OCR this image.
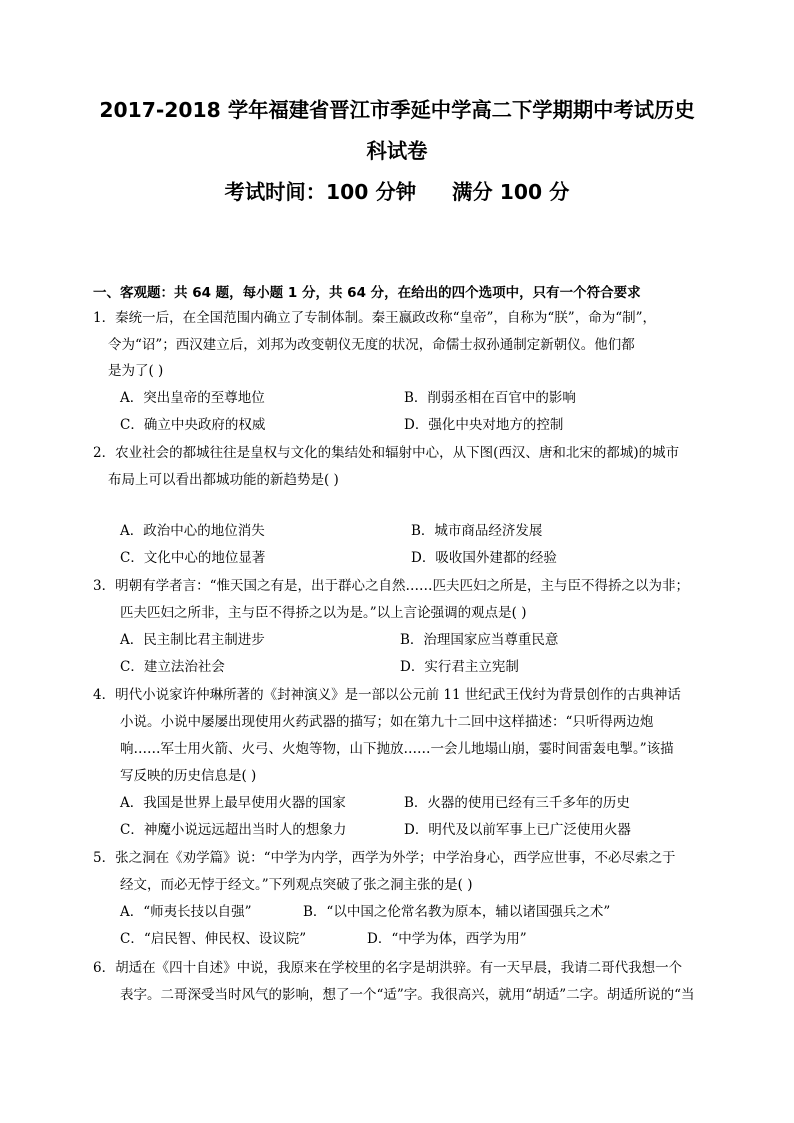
2017-2018 学年福建省晋江市季延中学高二下学期期中考试历史
科试卷
考试时间：100 分钟 满分 100 分
一、客观题：共 64 题，每小题 1 分，共 64 分，在给出的四个选项中，只有一个符合要求
1．秦统一后，在全国范围内确立了专制体制。秦王嬴政改称“皇帝”，自称为“朕”，命为“制”，
令为“诏”；西汉建立后，刘邦为改变朝仪无度的状况，命儒士叔孙通制定新朝仪。他们都
是为了( )
A．突出皇帝的至尊地位	B．削弱丞相在百官中的影响
C．确立中央政府的权威	D．强化中央对地方的控制
2．农业社会的都城往往是皇权与文化的集结处和辐射中心，从下图(西汉、唐和北宋的都城)的城市
布局上可以看出都城功能的新趋势是( )
A．政治中心的地位消失	B．城市商品经济发展
C．文化中心的地位显著	D．吸收国外建都的经验
3．明朝有学者言：“惟天国之有是，出于群心之自然……匹夫匹妇之所是，主与臣不得挢之以为非；
匹夫匹妇之所非，主与臣不得挢之以为是。”以上言论强调的观点是( )
A．民主制比君主制进步	B．治理国家应当尊重民意
C．建立法治社会	D．实行君主立宪制
4．明代小说家许仲琳所著的《封神演义》是一部以公元前 11 世纪武王伐纣为背景创作的古典神话
小说。小说中屡屡出现使用火药武器的描写；如在第九十二回中这样描述：“只听得两边炮
响……军士用火箭、火弓、火炮等物，山下抛放……一会儿地塌山崩，霎时间雷轰电掣。”该描
写反映的历史信息是( )
A．我国是世界上最早使用火器的国家	B．火器的使用已经有三千多年的历史
C．神魔小说远远超出当时人的想象力	D．明代及以前军事上已广泛使用火器
5．张之洞在《劝学篇》说：“中学为内学，西学为外学；中学治身心，西学应世事，不必尽索之于
经文，而必无悖于经文。”下列观点突破了张之洞主张的是( )
A．“师夷长技以自强”	B．“以中国之伦常名教为原本，辅以诸国强兵之术”
C．“启民智、伸民权、设议院”	D．“中学为体，西学为用”
6．胡适在《四十自述》中说，我原来在学校里的名字是胡洪骍。有一天早晨，我请二哥代我想一个
表字。二哥深受当时风气的影响，想了一个“适”字。我很高兴，就用“胡适”二字。胡适所说的“当
